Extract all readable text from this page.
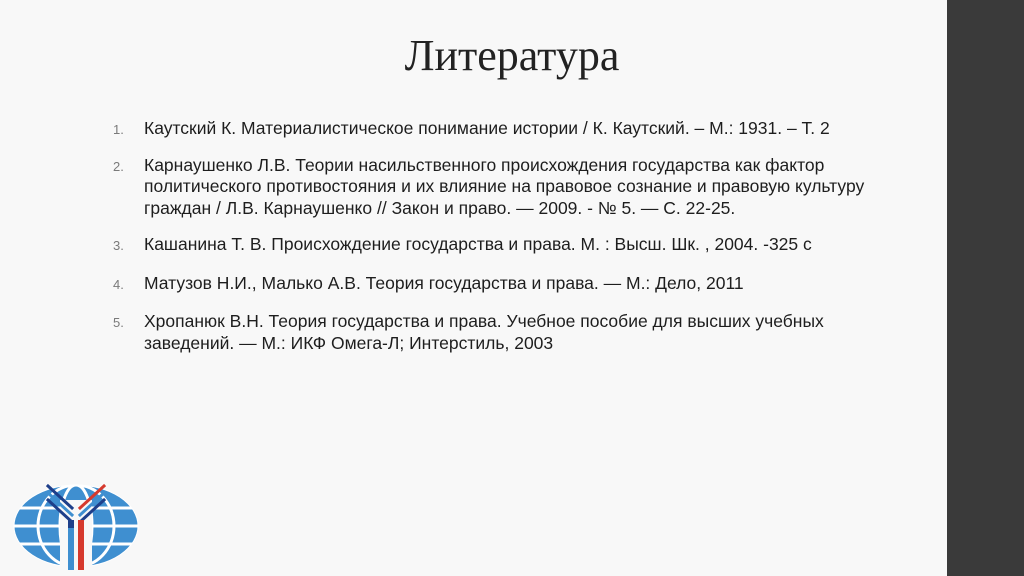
Литература
1. Каутский К. Материалистическое понимание истории / К. Каутский. – М.: 1931. – Т. 2
2. Карнаушенко Л.В. Теории насильственного происхождения государства как фактор политического противостояния и их влияние на правовое сознание и правовую культуру граждан / Л.В. Карнаушенко // Закон и право. — 2009. - № 5. — С. 22-25.
3. Кашанина Т. В. Происхождение государства и права. М. : Высш. Шк. , 2004. -325 с
4. Матузов Н.И., Малько А.В. Теория государства и права. — М.: Дело, 2011
5. Хропанюк В.Н. Теория государства и права. Учебное пособие для высших учебных заведений. — М.: ИКФ Омега-Л; Интерстиль, 2003
